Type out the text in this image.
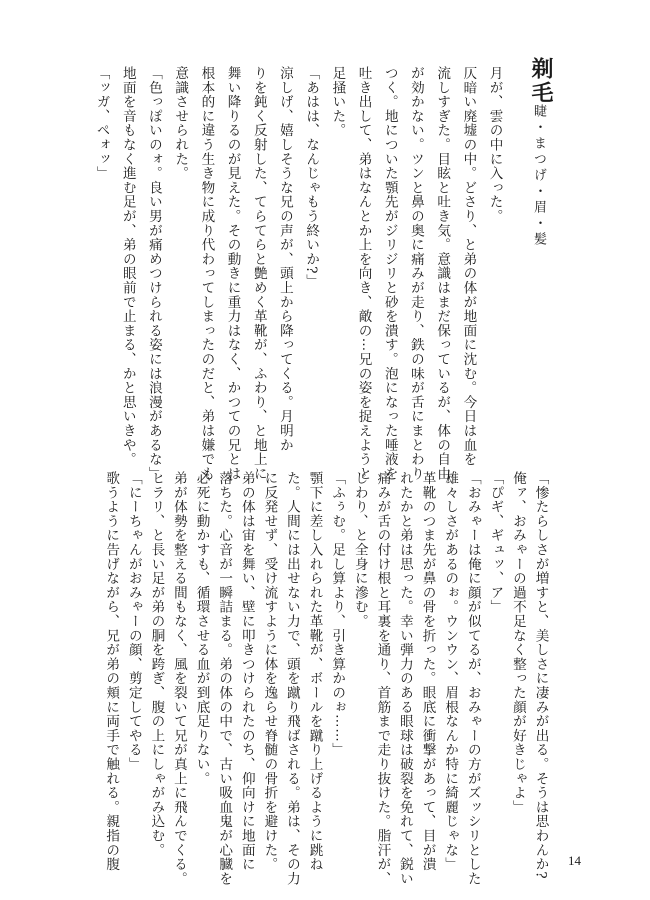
剃毛
睫・まつげ・眉・髪
月が、雲の中に入った。
仄暗い廃墟の中。どさり、と弟の体が地面に沈む。今日は血を
流しすぎた。目眩と吐き気。意識はまだ保っているが、体の自由
が効かない。ツンと鼻の奥に痛みが走り、鉄の味が舌にまとわり
つく。地についた顎先がジリジリと砂を潰す。泡になった唾液を
吐き出して、弟はなんとか上を向き、敵の⋯兄の姿を捉えようと
足掻いた。
「あはは、なんじゃもう終いか?」
涼しげ、嬉しそうな兄の声が、頭上から降ってくる。月明か
りを鈍く反射した、てらてらと艶めく革靴が、ふわり、と地上に
舞い降りるのが見えた。その動きに重力はなく、かつての兄とは
根本的に違う生き物に成り代わってしまったのだと、弟は嫌でも
意識させられた。
「色っぽいのォ。良い男が痛めつけられる姿には浪漫があるな」
地面を音もなく進む足が、弟の眼前で止まる、かと思いきや。
「ッガ、ペォッ」
「惨たらしさが増すと、美しさに凄みが出る。そうは思わんか?
俺ァ、おみゃーの過不足なく整った顔が好きじゃよ」
「ぴギ、ギュッ、ア」
「おみゃーは俺に顔が似てるが、おみゃーの方がズッシリとした
雄々しさがあるのぉ。ウンウン、眉根なんか特に綺麗じゃな」
革靴のつま先が鼻の骨を折った。眼底に衝撃があって、目が潰
れたかと弟は思った。幸い弾力のある眼球は破裂を免れて、鋭い
痛みが舌の付け根と耳裏を通り、首筋まで走り抜けた。脂汗が、
じわり、と全身に滲む。
「ふぅむ。足し算より、引き算かのぉ⋯⋯」
顎下に差し入れられた革靴が、ボールを蹴り上げるように跳ね
た。人間には出せない力で、頭を蹴り飛ばされる。弟は、その力
に反発せず、受け流すように体を逸らせ脊髄の骨折を避けた。
弟の体は宙を舞い、壁に叩きつけられたのち、仰向けに地面に
落ちた。心音が一瞬詰まる。弟の体の中で、古い吸血鬼が心臓を
必死に動かすも、循環させる血が到底足りない。
弟が体勢を整える間もなく、風を裂いて兄が真上に飛んでくる。
ヒラリ、と長い足が弟の胴を跨ぎ、腹の上にしゃがみ込む。
「にーちゃんがおみゃーの顔、剪定してやる」
歌うように告げながら、兄が弟の頬に両手で触れる。親指の腹	14
